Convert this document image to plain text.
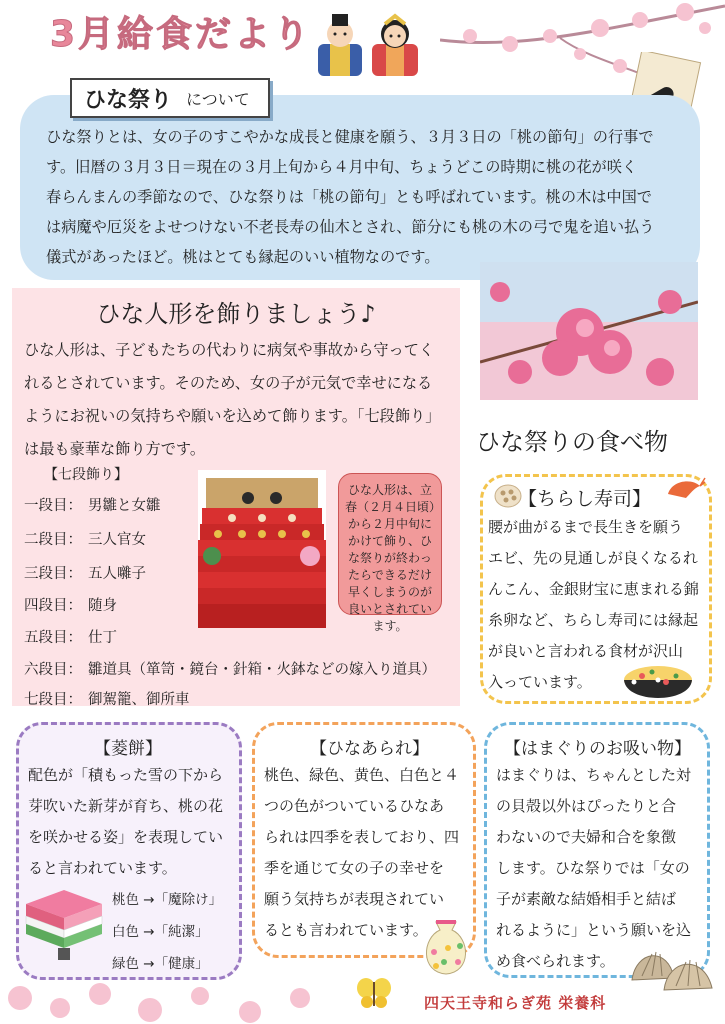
3月給食だより
ひな祭り について
ひな祭りとは、女の子のすこやかな成長と健康を願う、３月３日の「桃の節句」の行事で
す。旧暦の３月３日＝現在の３月上旬から４月中旬、ちょうどこの時期に桃の花が咲く
春らんまんの季節なので、ひな祭りは「桃の節句」とも呼ばれています。桃の木は中国で
は病魔や厄災をよせつけない不老長寿の仙木とされ、節分にも桃の木の弓で鬼を追い払う
儀式があったほど。桃はとても縁起のいい植物なのです。
ひな人形を飾りましょう♪
ひな人形は、子どもたちの代わりに病気や事故から守ってく
れるとされています。そのため、女の子が元気で幸せになる
ようにお祝いの気持ちや願いを込めて飾ります。「七段飾り」
は最も豪華な飾り方です。
【七段飾り】
一段目： 男雛と女雛
二段目： 三人官女
三段目： 五人囃子
四段目： 随身
五段目： 仕丁
六段目： 雛道具（箪笥・鏡台・針箱・火鉢などの嫁入り道具）
七段目： 御駕籠、御所車
ひな人形は、立春（２月４日頃）から２月中旬にかけて飾り、ひな祭りが終わったらできるだけ早くしまうのが良いとされています。
ひな祭りの食べ物
【ちらし寿司】
腰が曲がるまで長生きを願う
エビ、先の見通しが良くなるれ
んこん、金銀財宝に恵まれる錦
糸卵など、ちらし寿司には縁起
が良いと言われる食材が沢山
入っています。
【菱餅】
配色が「積もった雪の下から
芽吹いた新芽が育ち、桃の花
を咲かせる姿」を表現してい
ると言われています。
桃色 →「魔除け」
白色 →「純潔」
緑色 →「健康」
【ひなあられ】
桃色、緑色、黄色、白色と４
つの色がついているひなあ
られは四季を表しており、四
季を通じて女の子の幸せを
願う気持ちが表現されてい
るとも言われています。
【はまぐりのお吸い物】
はまぐりは、ちゃんとした対
の貝殻以外はぴったりと合
わないので夫婦和合を象徴
します。ひな祭りでは「女の
子が素敵な結婚相手と結ば
れるように」という願いを込
め食べられます。
四天王寺和らぎ苑 栄養科
